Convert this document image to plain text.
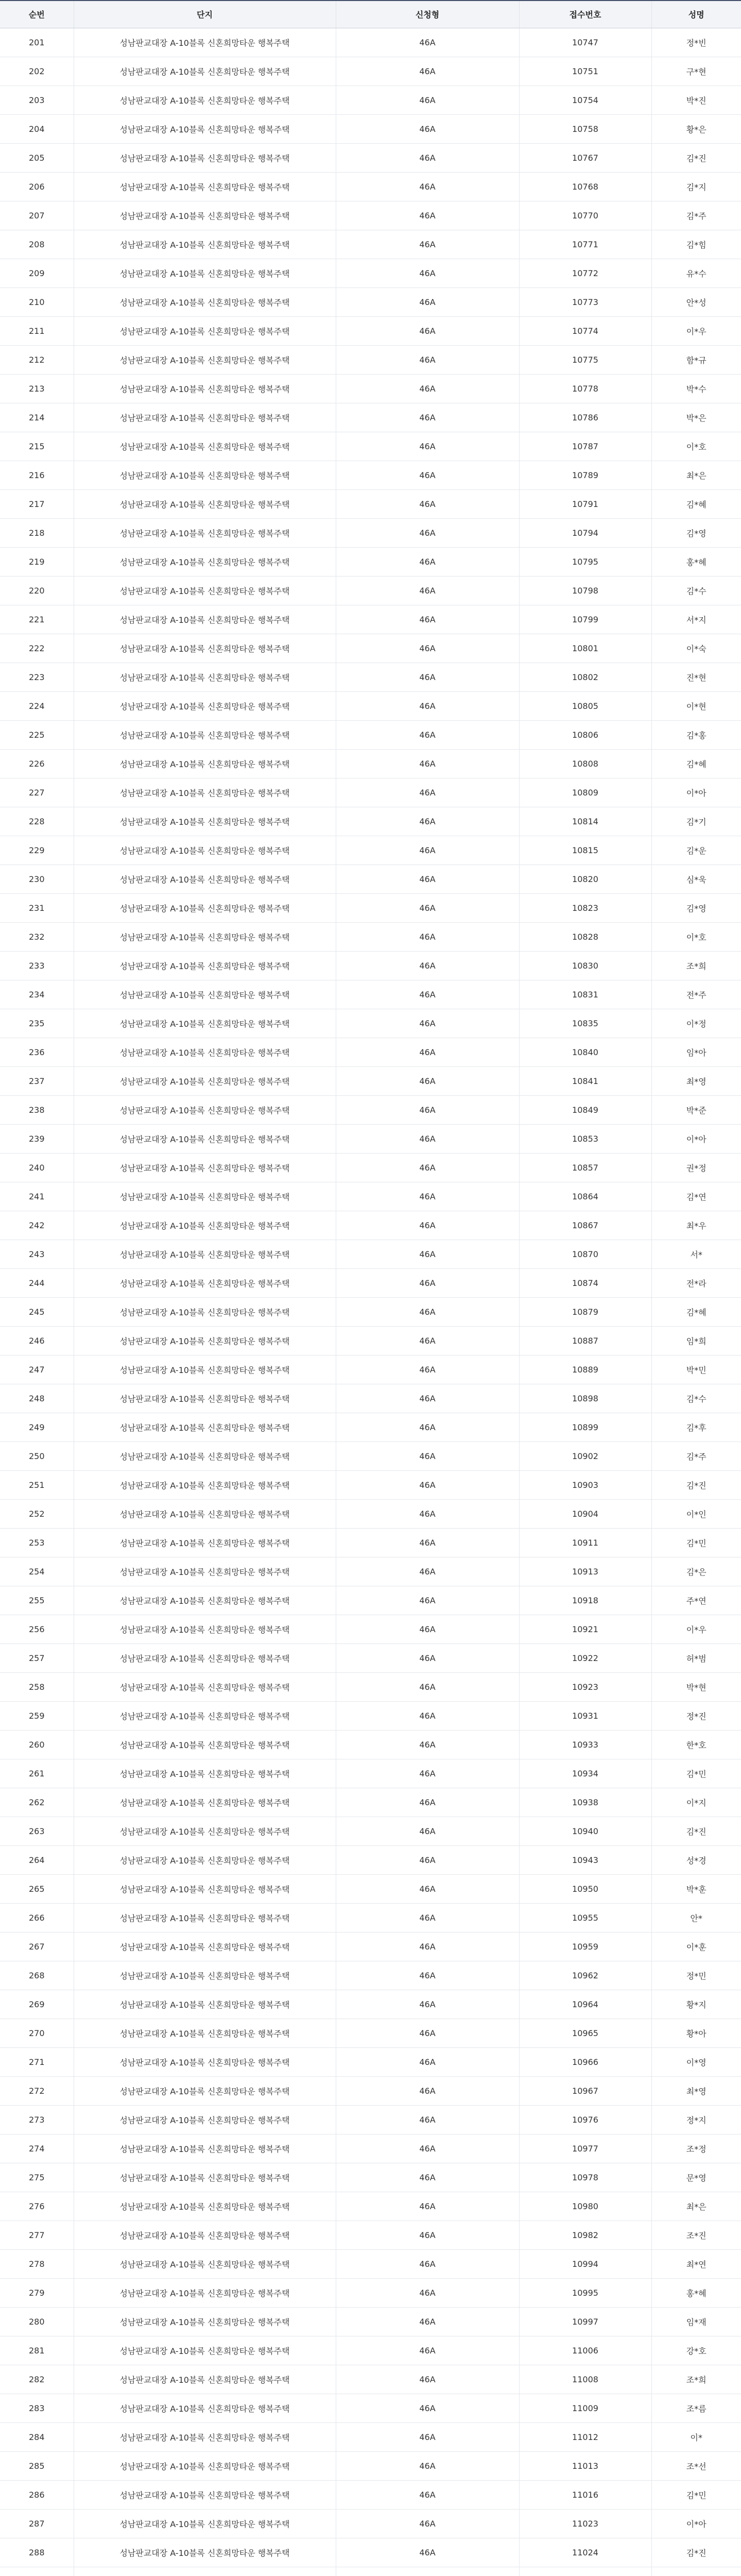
순번	단지	신청형	접수번호	성명
201	성남판교대장 A-10블록 신혼희망타운 행복주택	46A	10747	정*빈
202	성남판교대장 A-10블록 신혼희망타운 행복주택	46A	10751	구*현
203	성남판교대장 A-10블록 신혼희망타운 행복주택	46A	10754	박*진
204	성남판교대장 A-10블록 신혼희망타운 행복주택	46A	10758	황*은
205	성남판교대장 A-10블록 신혼희망타운 행복주택	46A	10767	김*진
206	성남판교대장 A-10블록 신혼희망타운 행복주택	46A	10768	김*지
207	성남판교대장 A-10블록 신혼희망타운 행복주택	46A	10770	김*주
208	성남판교대장 A-10블록 신혼희망타운 행복주택	46A	10771	김*힘
209	성남판교대장 A-10블록 신혼희망타운 행복주택	46A	10772	유*수
210	성남판교대장 A-10블록 신혼희망타운 행복주택	46A	10773	안*성
211	성남판교대장 A-10블록 신혼희망타운 행복주택	46A	10774	이*우
212	성남판교대장 A-10블록 신혼희망타운 행복주택	46A	10775	함*규
213	성남판교대장 A-10블록 신혼희망타운 행복주택	46A	10778	박*수
214	성남판교대장 A-10블록 신혼희망타운 행복주택	46A	10786	박*은
215	성남판교대장 A-10블록 신혼희망타운 행복주택	46A	10787	이*호
216	성남판교대장 A-10블록 신혼희망타운 행복주택	46A	10789	최*은
217	성남판교대장 A-10블록 신혼희망타운 행복주택	46A	10791	김*혜
218	성남판교대장 A-10블록 신혼희망타운 행복주택	46A	10794	김*영
219	성남판교대장 A-10블록 신혼희망타운 행복주택	46A	10795	홍*혜
220	성남판교대장 A-10블록 신혼희망타운 행복주택	46A	10798	김*수
221	성남판교대장 A-10블록 신혼희망타운 행복주택	46A	10799	서*지
222	성남판교대장 A-10블록 신혼희망타운 행복주택	46A	10801	이*숙
223	성남판교대장 A-10블록 신혼희망타운 행복주택	46A	10802	진*현
224	성남판교대장 A-10블록 신혼희망타운 행복주택	46A	10805	이*현
225	성남판교대장 A-10블록 신혼희망타운 행복주택	46A	10806	김*홍
226	성남판교대장 A-10블록 신혼희망타운 행복주택	46A	10808	김*혜
227	성남판교대장 A-10블록 신혼희망타운 행복주택	46A	10809	이*아
228	성남판교대장 A-10블록 신혼희망타운 행복주택	46A	10814	김*기
229	성남판교대장 A-10블록 신혼희망타운 행복주택	46A	10815	김*운
230	성남판교대장 A-10블록 신혼희망타운 행복주택	46A	10820	심*욱
231	성남판교대장 A-10블록 신혼희망타운 행복주택	46A	10823	김*영
232	성남판교대장 A-10블록 신혼희망타운 행복주택	46A	10828	이*호
233	성남판교대장 A-10블록 신혼희망타운 행복주택	46A	10830	조*희
234	성남판교대장 A-10블록 신혼희망타운 행복주택	46A	10831	전*주
235	성남판교대장 A-10블록 신혼희망타운 행복주택	46A	10835	이*정
236	성남판교대장 A-10블록 신혼희망타운 행복주택	46A	10840	임*아
237	성남판교대장 A-10블록 신혼희망타운 행복주택	46A	10841	최*영
238	성남판교대장 A-10블록 신혼희망타운 행복주택	46A	10849	박*준
239	성남판교대장 A-10블록 신혼희망타운 행복주택	46A	10853	이*아
240	성남판교대장 A-10블록 신혼희망타운 행복주택	46A	10857	권*정
241	성남판교대장 A-10블록 신혼희망타운 행복주택	46A	10864	김*연
242	성남판교대장 A-10블록 신혼희망타운 행복주택	46A	10867	최*우
243	성남판교대장 A-10블록 신혼희망타운 행복주택	46A	10870	서*
244	성남판교대장 A-10블록 신혼희망타운 행복주택	46A	10874	전*라
245	성남판교대장 A-10블록 신혼희망타운 행복주택	46A	10879	김*혜
246	성남판교대장 A-10블록 신혼희망타운 행복주택	46A	10887	임*희
247	성남판교대장 A-10블록 신혼희망타운 행복주택	46A	10889	박*민
248	성남판교대장 A-10블록 신혼희망타운 행복주택	46A	10898	김*수
249	성남판교대장 A-10블록 신혼희망타운 행복주택	46A	10899	김*후
250	성남판교대장 A-10블록 신혼희망타운 행복주택	46A	10902	김*주
251	성남판교대장 A-10블록 신혼희망타운 행복주택	46A	10903	김*진
252	성남판교대장 A-10블록 신혼희망타운 행복주택	46A	10904	이*인
253	성남판교대장 A-10블록 신혼희망타운 행복주택	46A	10911	김*민
254	성남판교대장 A-10블록 신혼희망타운 행복주택	46A	10913	김*은
255	성남판교대장 A-10블록 신혼희망타운 행복주택	46A	10918	주*연
256	성남판교대장 A-10블록 신혼희망타운 행복주택	46A	10921	이*우
257	성남판교대장 A-10블록 신혼희망타운 행복주택	46A	10922	허*범
258	성남판교대장 A-10블록 신혼희망타운 행복주택	46A	10923	박*현
259	성남판교대장 A-10블록 신혼희망타운 행복주택	46A	10931	정*진
260	성남판교대장 A-10블록 신혼희망타운 행복주택	46A	10933	한*호
261	성남판교대장 A-10블록 신혼희망타운 행복주택	46A	10934	김*민
262	성남판교대장 A-10블록 신혼희망타운 행복주택	46A	10938	이*지
263	성남판교대장 A-10블록 신혼희망타운 행복주택	46A	10940	김*진
264	성남판교대장 A-10블록 신혼희망타운 행복주택	46A	10943	성*경
265	성남판교대장 A-10블록 신혼희망타운 행복주택	46A	10950	박*훈
266	성남판교대장 A-10블록 신혼희망타운 행복주택	46A	10955	안*
267	성남판교대장 A-10블록 신혼희망타운 행복주택	46A	10959	이*훈
268	성남판교대장 A-10블록 신혼희망타운 행복주택	46A	10962	정*민
269	성남판교대장 A-10블록 신혼희망타운 행복주택	46A	10964	황*지
270	성남판교대장 A-10블록 신혼희망타운 행복주택	46A	10965	황*아
271	성남판교대장 A-10블록 신혼희망타운 행복주택	46A	10966	이*영
272	성남판교대장 A-10블록 신혼희망타운 행복주택	46A	10967	최*영
273	성남판교대장 A-10블록 신혼희망타운 행복주택	46A	10976	정*지
274	성남판교대장 A-10블록 신혼희망타운 행복주택	46A	10977	조*정
275	성남판교대장 A-10블록 신혼희망타운 행복주택	46A	10978	문*영
276	성남판교대장 A-10블록 신혼희망타운 행복주택	46A	10980	최*은
277	성남판교대장 A-10블록 신혼희망타운 행복주택	46A	10982	조*진
278	성남판교대장 A-10블록 신혼희망타운 행복주택	46A	10994	최*연
279	성남판교대장 A-10블록 신혼희망타운 행복주택	46A	10995	홍*혜
280	성남판교대장 A-10블록 신혼희망타운 행복주택	46A	10997	임*재
281	성남판교대장 A-10블록 신혼희망타운 행복주택	46A	11006	강*호
282	성남판교대장 A-10블록 신혼희망타운 행복주택	46A	11008	조*희
283	성남판교대장 A-10블록 신혼희망타운 행복주택	46A	11009	조*름
284	성남판교대장 A-10블록 신혼희망타운 행복주택	46A	11012	이*
285	성남판교대장 A-10블록 신혼희망타운 행복주택	46A	11013	조*선
286	성남판교대장 A-10블록 신혼희망타운 행복주택	46A	11016	김*민
287	성남판교대장 A-10블록 신혼희망타운 행복주택	46A	11023	이*아
288	성남판교대장 A-10블록 신혼희망타운 행복주택	46A	11024	김*진
